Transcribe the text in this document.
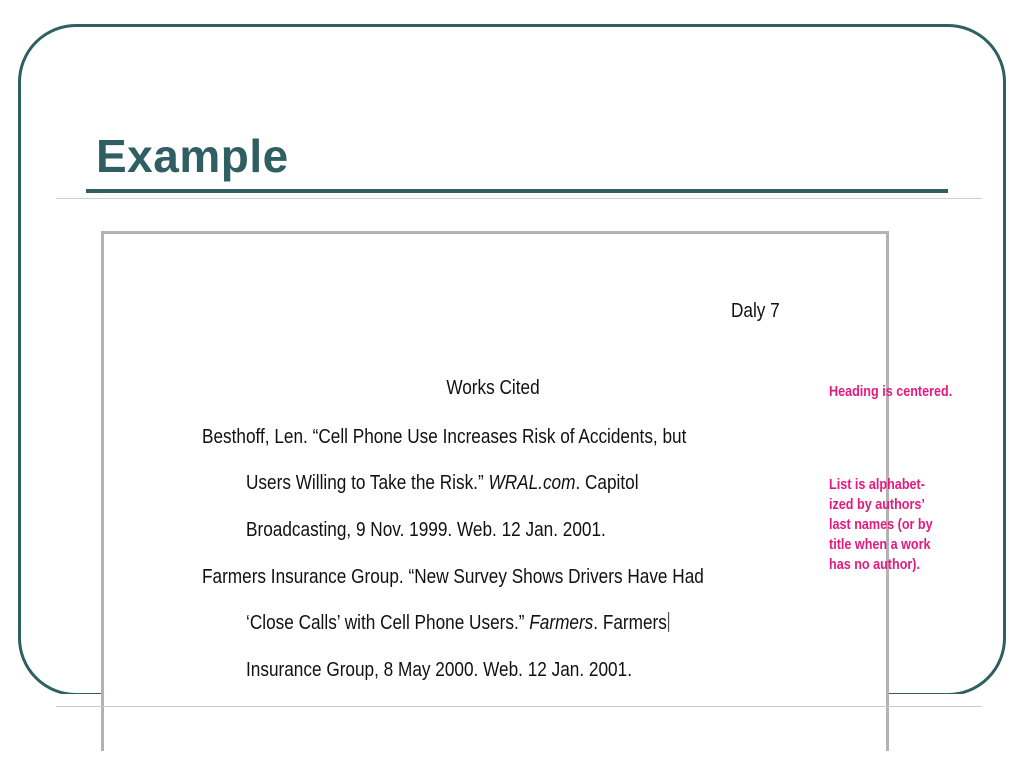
Example
Daly 7
Works Cited
Besthoff, Len. “Cell Phone Use Increases Risk of Accidents, but
Users Willing to Take the Risk.” WRAL.com. Capitol
Broadcasting, 9 Nov. 1999. Web. 12 Jan. 2001.
Farmers Insurance Group. “New Survey Shows Drivers Have Had
‘Close Calls’ with Cell Phone Users.” Farmers. Farmers
Insurance Group, 8 May 2000. Web. 12 Jan. 2001.
Heading is centered.
List is alphabet-
ized by authors’
last names (or by
title when a work
has no author).
